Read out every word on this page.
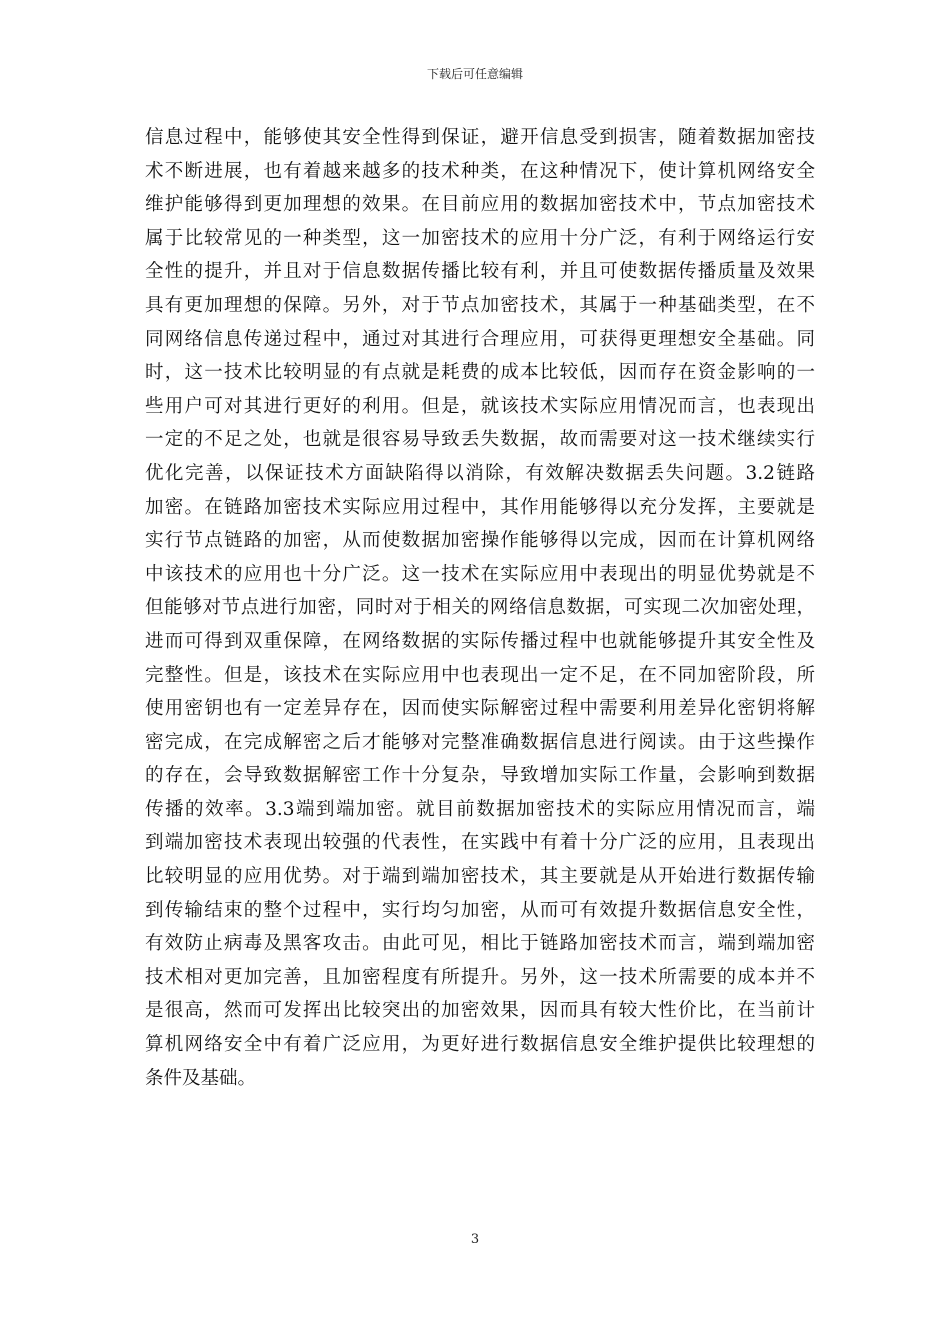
下载后可任意编辑
信息过程中，能够使其安全性得到保证，避开信息受到损害，随着数据加密技
术不断进展，也有着越来越多的技术种类，在这种情况下，使计算机网络安全
维护能够得到更加理想的效果。在目前应用的数据加密技术中，节点加密技术
属于比较常见的一种类型，这一加密技术的应用十分广泛，有利于网络运行安
全性的提升，并且对于信息数据传播比较有利，并且可使数据传播质量及效果
具有更加理想的保障。另外，对于节点加密技术，其属于一种基础类型，在不
同网络信息传递过程中，通过对其进行合理应用，可获得更理想安全基础。同
时，这一技术比较明显的有点就是耗费的成本比较低，因而存在资金影响的一
些用户可对其进行更好的利用。但是，就该技术实际应用情况而言，也表现出
一定的不足之处，也就是很容易导致丢失数据，故而需要对这一技术继续实行
优化完善，以保证技术方面缺陷得以消除，有效解决数据丢失问题。3.2链路
加密。在链路加密技术实际应用过程中，其作用能够得以充分发挥，主要就是
实行节点链路的加密，从而使数据加密操作能够得以完成，因而在计算机网络
中该技术的应用也十分广泛。这一技术在实际应用中表现出的明显优势就是不
但能够对节点进行加密，同时对于相关的网络信息数据，可实现二次加密处理，
进而可得到双重保障，在网络数据的实际传播过程中也就能够提升其安全性及
完整性。但是，该技术在实际应用中也表现出一定不足，在不同加密阶段，所
使用密钥也有一定差异存在，因而使实际解密过程中需要利用差异化密钥将解
密完成，在完成解密之后才能够对完整准确数据信息进行阅读。由于这些操作
的存在，会导致数据解密工作十分复杂，导致增加实际工作量，会影响到数据
传播的效率。3.3端到端加密。就目前数据加密技术的实际应用情况而言，端
到端加密技术表现出较强的代表性，在实践中有着十分广泛的应用，且表现出
比较明显的应用优势。对于端到端加密技术，其主要就是从开始进行数据传输
到传输结束的整个过程中，实行均匀加密，从而可有效提升数据信息安全性，
有效防止病毒及黑客攻击。由此可见，相比于链路加密技术而言，端到端加密
技术相对更加完善，且加密程度有所提升。另外，这一技术所需要的成本并不
是很高，然而可发挥出比较突出的加密效果，因而具有较大性价比，在当前计
算机网络安全中有着广泛应用，为更好进行数据信息安全维护提供比较理想的
条件及基础。
3
